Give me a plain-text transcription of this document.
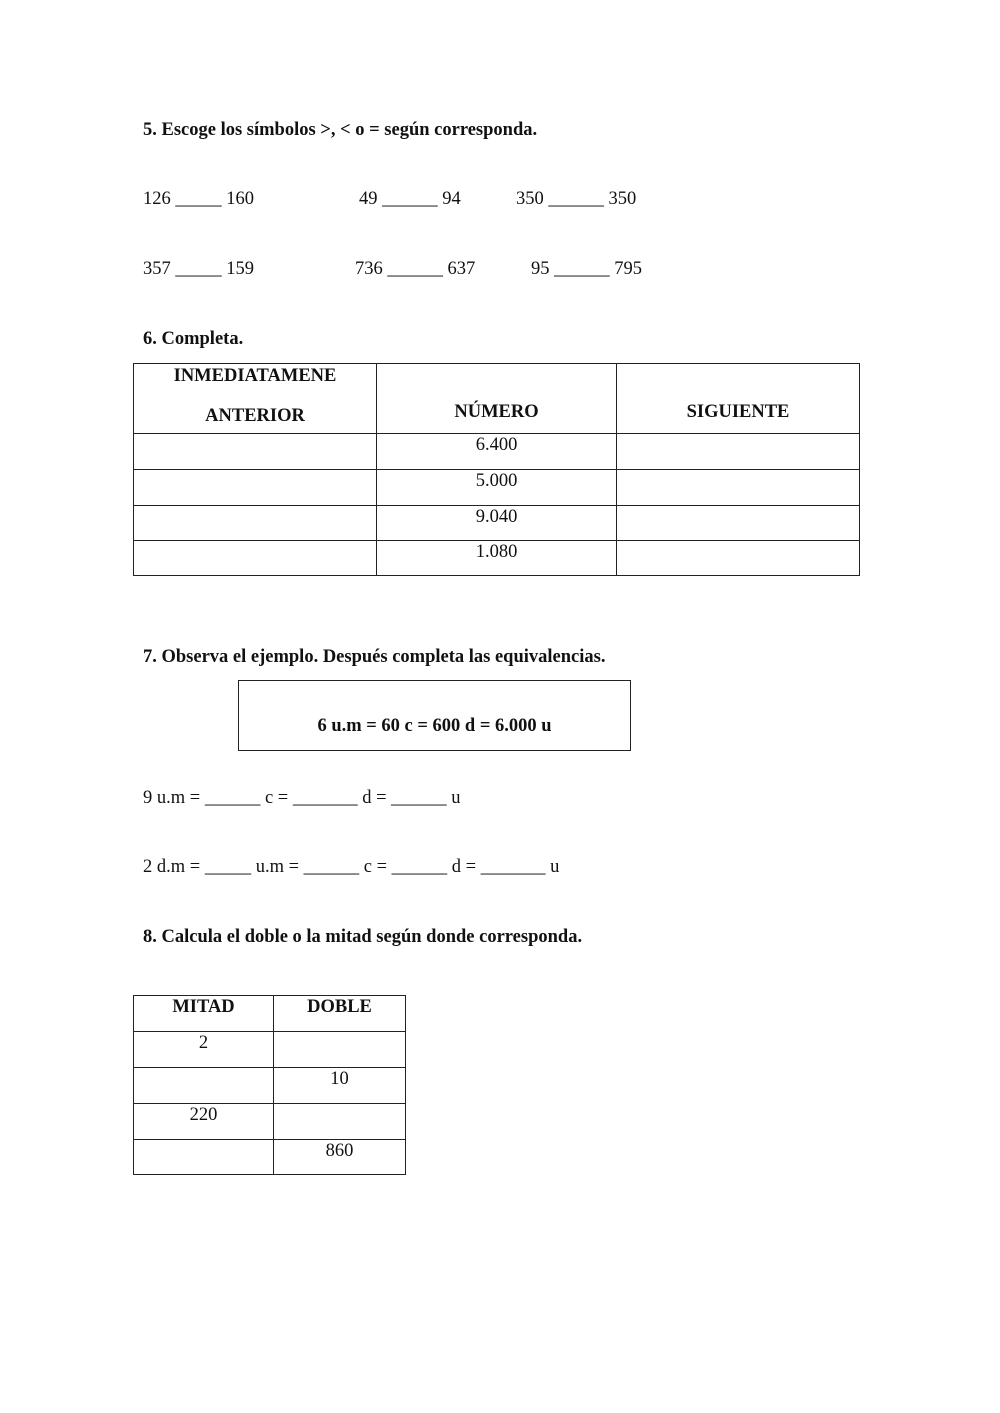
5. Escoge los símbolos >, < o = según corresponda.
126 _____ 160	49 ______ 94	350 ______ 350
357 _____ 159	736 ______ 637	95 ______ 795
6. Completa.
INMEDIATAMENE
ANTERIOR	NÚMERO	SIGUIENTE
	6.400	
	5.000	
	9.040	
	1.080	
7. Observa el ejemplo. Después completa las equivalencias.
6 u.m = 60 c = 600 d = 6.000 u
9 u.m = ______ c = _______ d = ______ u
2 d.m = _____ u.m = ______ c = ______ d = _______ u
8. Calcula el doble o la mitad según donde corresponda.
MITAD	DOBLE
2	
	10
220	
	860
